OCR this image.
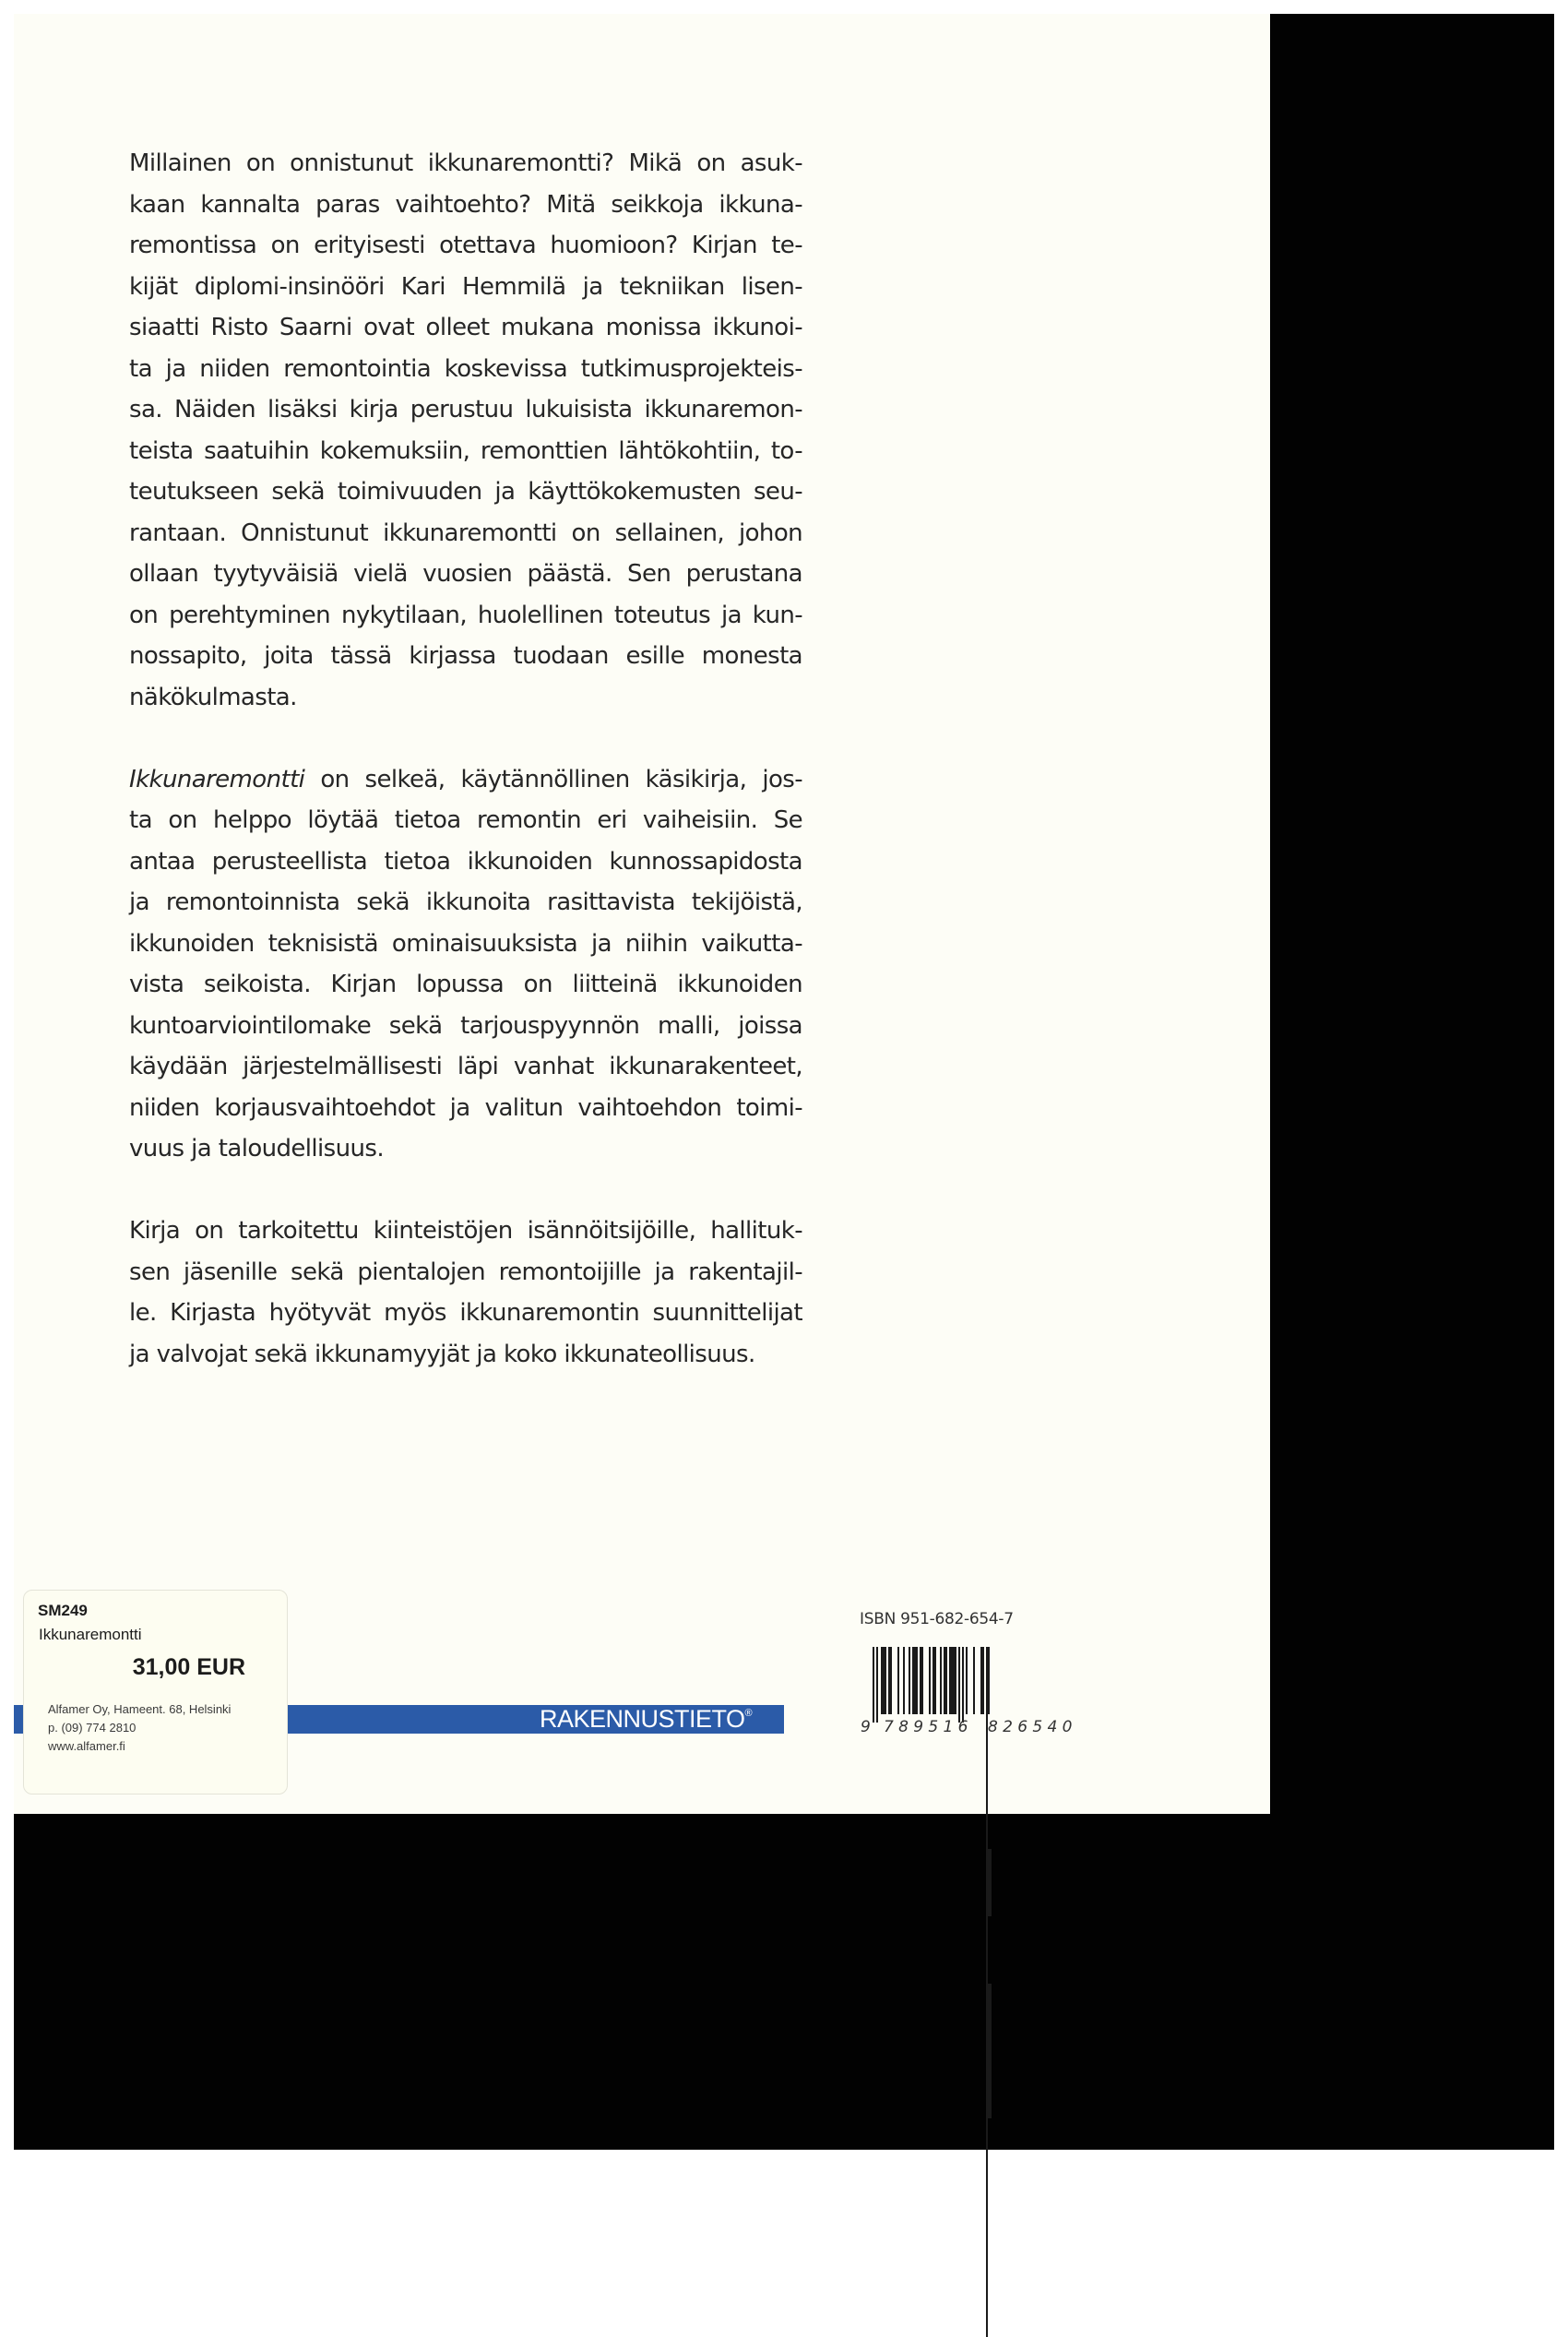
Millainen on onnistunut ikkunaremontti? Mikä on asuk-
kaan kannalta paras vaihtoehto? Mitä seikkoja ikkuna-
remontissa on erityisesti otettava huomioon? Kirjan te-
kijät diplomi-insinööri Kari Hemmilä ja tekniikan lisen-
siaatti Risto Saarni ovat olleet mukana monissa ikkunoi-
ta ja niiden remontointia koskevissa tutkimusprojekteis-
sa. Näiden lisäksi kirja perustuu lukuisista ikkunaremon-
teista saatuihin kokemuksiin, remonttien lähtökohtiin, to-
teutukseen sekä toimivuuden ja käyttökokemusten seu-
rantaan. Onnistunut ikkunaremontti on sellainen, johon
ollaan tyytyväisiä vielä vuosien päästä. Sen perustana
on perehtyminen nykytilaan, huolellinen toteutus ja kun-
nossapito, joita tässä kirjassa tuodaan esille monesta
näkökulmasta.
Ikkunaremontti on selkeä, käytännöllinen käsikirja, jos-
ta on helppo löytää tietoa remontin eri vaiheisiin. Se
antaa perusteellista tietoa ikkunoiden kunnossapidosta
ja remontoinnista sekä ikkunoita rasittavista tekijöistä,
ikkunoiden teknisistä ominaisuuksista ja niihin vaikutta-
vista seikoista. Kirjan lopussa on liitteinä ikkunoiden
kuntoarviointilomake sekä tarjouspyynnön malli, joissa
käydään järjestelmällisesti läpi vanhat ikkunarakenteet,
niiden korjausvaihtoehdot ja valitun vaihtoehdon toimi-
vuus ja taloudellisuus.
Kirja on tarkoitettu kiinteistöjen isännöitsijöille, hallituk-
sen jäsenille sekä pientalojen remontoijille ja rakentajil-
le. Kirjasta hyötyvät myös ikkunaremontin suunnittelijat
ja valvojat sekä ikkunamyyjät ja koko ikkunateollisuus.
RAKENNUSTIETO®
SM249
Ikkunaremontti
31,00 EUR
Alfamer Oy, Hameent. 68, Helsinki
p. (09) 774 2810
www.alfamer.fi
ISBN 951-682-654-7
9 789516 826540
